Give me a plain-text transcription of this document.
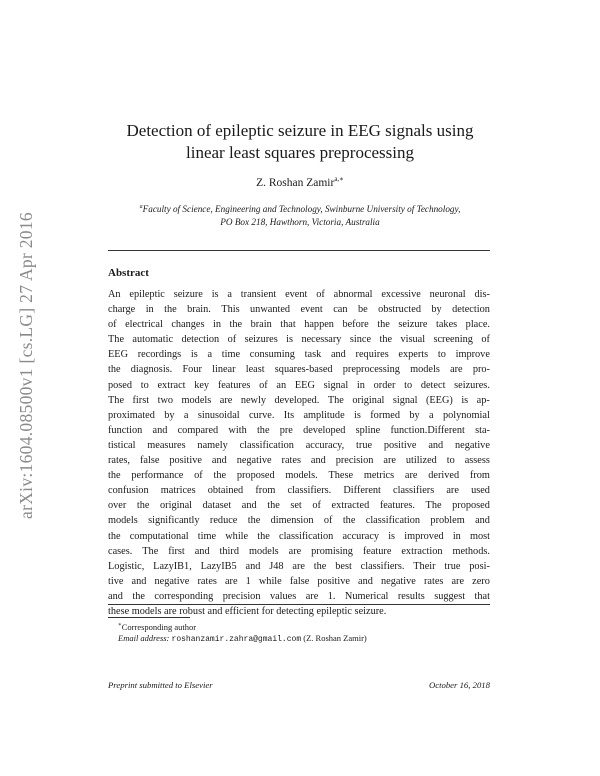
arXiv:1604.08500v1 [cs.LG] 27 Apr 2016
Detection of epileptic seizure in EEG signals using
linear least squares preprocessing
Z. Roshan Zamir$^{a,∗}$
$^a$Faculty of Science, Engineering and Technology, Swinburne University of Technology,
PO Box 218, Hawthorn, Victoria, Australia
Abstract
An epileptic seizure is a transient event of abnormal excessive neuronal dis-
charge in the brain. This unwanted event can be obstructed by detection
of electrical changes in the brain that happen before the seizure takes place.
The automatic detection of seizures is necessary since the visual screening of
EEG recordings is a time consuming task and requires experts to improve
the diagnosis. Four linear least squares-based preprocessing models are pro-
posed to extract key features of an EEG signal in order to detect seizures.
The first two models are newly developed. The original signal (EEG) is ap-
proximated by a sinusoidal curve. Its amplitude is formed by a polynomial
function and compared with the pre developed spline function.Different sta-
tistical measures namely classification accuracy, true positive and negative
rates, false positive and negative rates and precision are utilized to assess
the performance of the proposed models. These metrics are derived from
confusion matrices obtained from classifiers. Different classifiers are used
over the original dataset and the set of extracted features. The proposed
models significantly reduce the dimension of the classification problem and
the computational time while the classification accuracy is improved in most
cases. The first and third models are promising feature extraction methods.
Logistic, LazyIB1, LazyIB5 and J48 are the best classifiers. Their true posi-
tive and negative rates are 1 while false positive and negative rates are zero
and the corresponding precision values are 1. Numerical results suggest that
these models are robust and efficient for detecting epileptic seizure.
∗Corresponding author
Email address: roshanzamir.zahra@gmail.com (Z. Roshan Zamir)
Preprint submitted to Elsevier	October 16, 2018
